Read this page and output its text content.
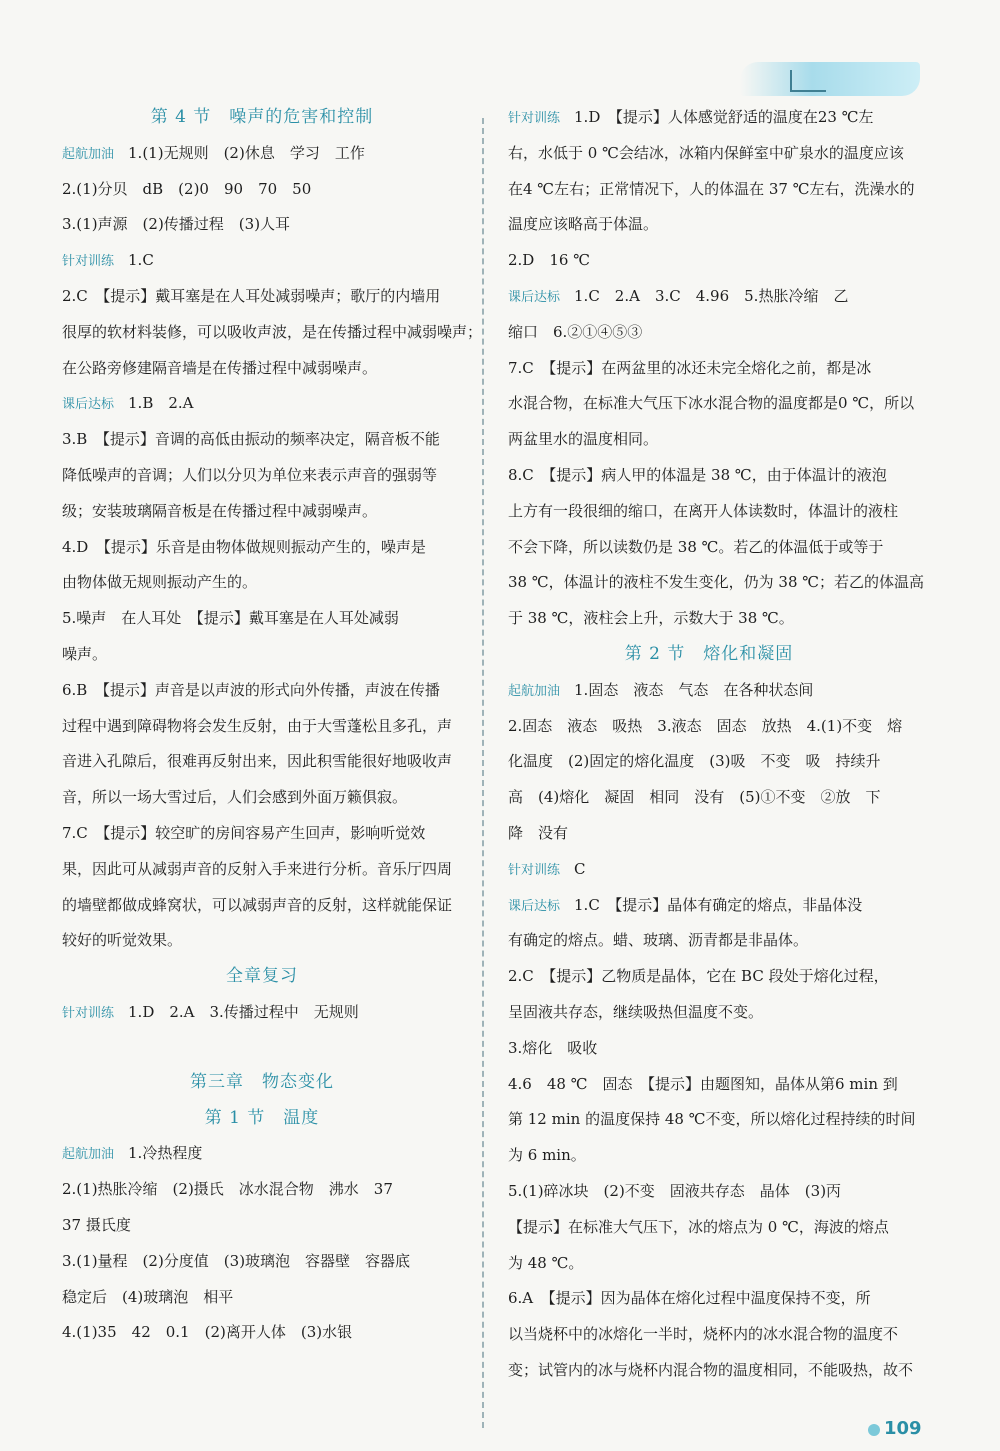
第 4 节　噪声的危害和控制
起航加油 1.(1)无规则　(2)休息　学习　工作
2.(1)分贝　dB　(2)0　90　70　50
3.(1)声源　(2)传播过程　(3)人耳
针对训练 1.C
2.C　【提示】戴耳塞是在人耳处减弱噪声；歌厅的内墙用
很厚的软材料装修，可以吸收声波，是在传播过程中减弱噪声；
在公路旁修建隔音墙是在传播过程中减弱噪声。
课后达标 1.B　2.A
3.B　【提示】音调的高低由振动的频率决定，隔音板不能
降低噪声的音调；人们以分贝为单位来表示声音的强弱等
级；安装玻璃隔音板是在传播过程中减弱噪声。
4.D　【提示】乐音是由物体做规则振动产生的，噪声是
由物体做无规则振动产生的。
5.噪声　在人耳处　【提示】戴耳塞是在人耳处减弱
噪声。
6.B　【提示】声音是以声波的形式向外传播，声波在传播
过程中遇到障碍物将会发生反射，由于大雪蓬松且多孔，声
音进入孔隙后，很难再反射出来，因此积雪能很好地吸收声
音，所以一场大雪过后，人们会感到外面万籁俱寂。
7.C　【提示】较空旷的房间容易产生回声，影响听觉效
果，因此可从减弱声音的反射入手来进行分析。音乐厅四周
的墙壁都做成蜂窝状，可以减弱声音的反射，这样就能保证
较好的听觉效果。
全章复习
针对训练 1.D　2.A　3.传播过程中　无规则
第三章　物态变化
第 1 节　温度
起航加油 1.冷热程度
2.(1)热胀冷缩　(2)摄氏　冰水混合物　沸水　37
37 摄氏度
3.(1)量程　(2)分度值　(3)玻璃泡　容器壁　容器底
稳定后　(4)玻璃泡　相平
4.(1)35　42　0.1　(2)离开人体　(3)水银
针对训练 1.D　【提示】人体感觉舒适的温度在23 ℃左
右，水低于 0 ℃会结冰，冰箱内保鲜室中矿泉水的温度应该
在4 ℃左右；正常情况下，人的体温在 37 ℃左右，洗澡水的
温度应该略高于体温。
2.D　16 ℃
课后达标 1.C　2.A　3.C　4.96　5.热胀冷缩　乙
缩口　6.②①④⑤③
7.C　【提示】在两盆里的冰还未完全熔化之前，都是冰
水混合物，在标准大气压下冰水混合物的温度都是0 ℃，所以
两盆里水的温度相同。
8.C　【提示】病人甲的体温是 38 ℃，由于体温计的液泡
上方有一段很细的缩口，在离开人体读数时，体温计的液柱
不会下降，所以读数仍是 38 ℃。若乙的体温低于或等于
38 ℃，体温计的液柱不发生变化，仍为 38 ℃；若乙的体温高
于 38 ℃，液柱会上升，示数大于 38 ℃。
第 2 节　熔化和凝固
起航加油 1.固态　液态　气态　在各种状态间
2.固态　液态　吸热　3.液态　固态　放热　4.(1)不变　熔
化温度　(2)固定的熔化温度　(3)吸　不变　吸　持续升
高　(4)熔化　凝固　相同　没有　(5)①不变　②放　下
降　没有
针对训练 C
课后达标 1.C　【提示】晶体有确定的熔点，非晶体没
有确定的熔点。蜡、玻璃、沥青都是非晶体。
2.C　【提示】乙物质是晶体，它在 BC 段处于熔化过程，
呈固液共存态，继续吸热但温度不变。
3.熔化　吸收
4.6　48 ℃　固态　【提示】由题图知，晶体从第6 min 到
第 12 min 的温度保持 48 ℃不变，所以熔化过程持续的时间
为 6 min。
5.(1)碎冰块　(2)不变　固液共存态　晶体　(3)丙
【提示】在标准大气压下，冰的熔点为 0 ℃，海波的熔点
为 48 ℃。
6.A　【提示】因为晶体在熔化过程中温度保持不变，所
以当烧杯中的冰熔化一半时，烧杯内的冰水混合物的温度不
变；试管内的冰与烧杯内混合物的温度相同，不能吸热，故不
109
